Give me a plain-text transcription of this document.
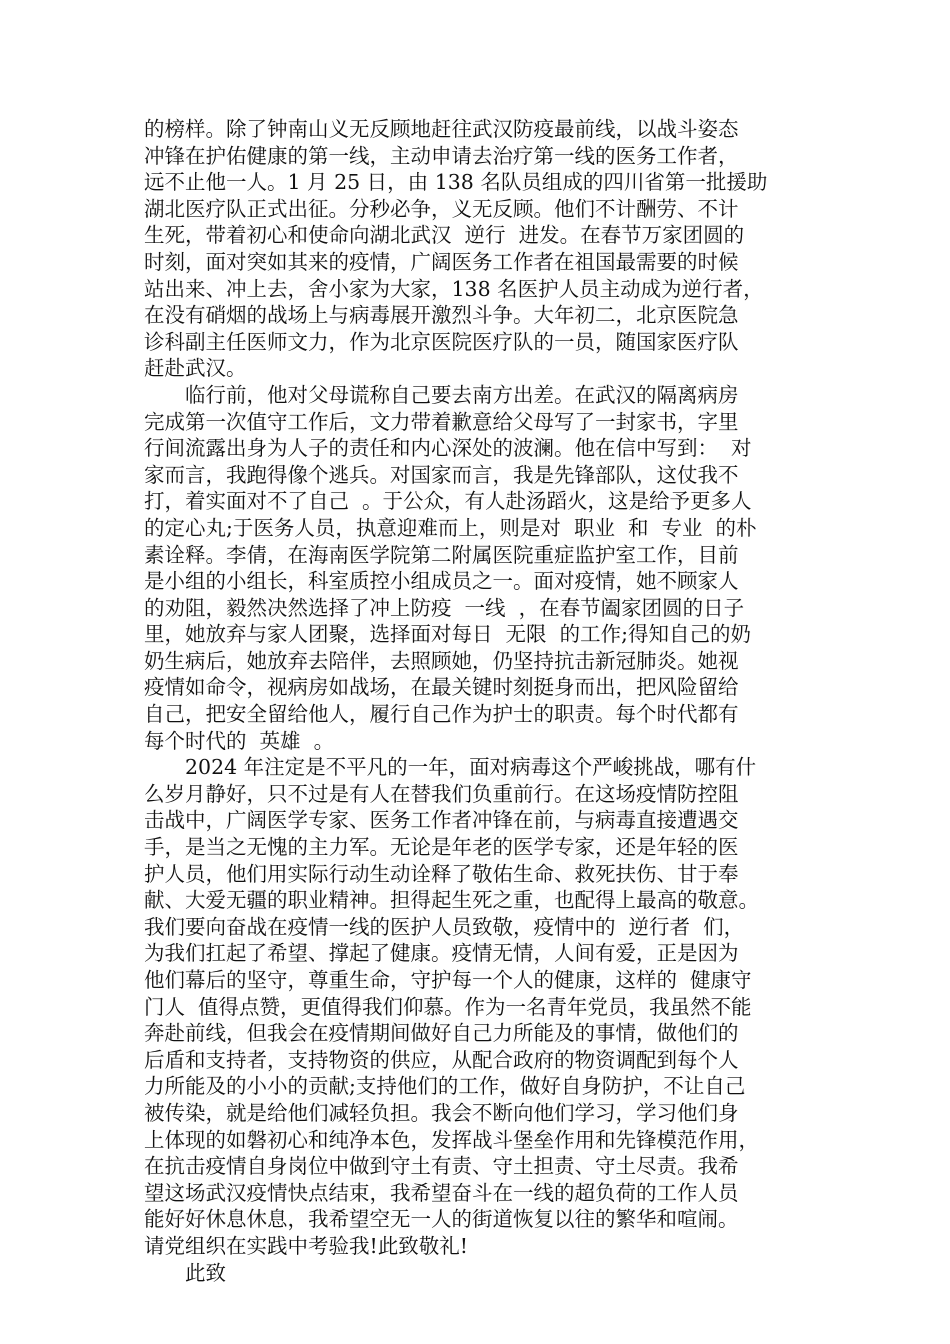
的榜样。除了钟南山义无反顾地赶往武汉防疫最前线，以战斗姿态
冲锋在护佑健康的第一线，主动申请去治疗第一线的医务工作者，
远不止他一人。1 月 25 日，由 138 名队员组成的四川省第一批援助
湖北医疗队正式出征。分秒必争，义无反顾。他们不计酬劳、不计
生死，带着初心和使命向湖北武汉  逆行  进发。在春节万家团圆的
时刻，面对突如其来的疫情，广阔医务工作者在祖国最需要的时候
站出来、冲上去，舍小家为大家，138 名医护人员主动成为逆行者，
在没有硝烟的战场上与病毒展开激烈斗争。大年初二，北京医院急
诊科副主任医师文力，作为北京医院医疗队的一员，随国家医疗队
赶赴武汉。
临行前，他对父母谎称自己要去南方出差。在武汉的隔离病房
完成第一次值守工作后，文力带着歉意给父母写了一封家书，字里
行间流露出身为人子的责任和内心深处的波澜。他在信中写到：  对
家而言，我跑得像个逃兵。对国家而言，我是先锋部队，这仗我不
打，着实面对不了自己  。于公众，有人赴汤蹈火，这是给予更多人
的定心丸;于医务人员，执意迎难而上，则是对  职业  和  专业  的朴
素诠释。李倩，在海南医学院第二附属医院重症监护室工作，目前
是小组的小组长，科室质控小组成员之一。面对疫情，她不顾家人
的劝阻，毅然决然选择了冲上防疫  一线  ，在春节阖家团圆的日子
里，她放弃与家人团聚，选择面对每日  无限  的工作;得知自己的奶
奶生病后，她放弃去陪伴，去照顾她，仍坚持抗击新冠肺炎。她视
疫情如命令，视病房如战场，在最关键时刻挺身而出，把风险留给
自己，把安全留给他人，履行自己作为护士的职责。每个时代都有
每个时代的  英雄  。
2024 年注定是不平凡的一年，面对病毒这个严峻挑战，哪有什
么岁月静好，只不过是有人在替我们负重前行。在这场疫情防控阻
击战中，广阔医学专家、医务工作者冲锋在前，与病毒直接遭遇交
手，是当之无愧的主力军。无论是年老的医学专家，还是年轻的医
护人员，他们用实际行动生动诠释了敬佑生命、救死扶伤、甘于奉
献、大爱无疆的职业精神。担得起生死之重，也配得上最高的敬意。
我们要向奋战在疫情一线的医护人员致敬，疫情中的  逆行者  们，
为我们扛起了希望、撑起了健康。疫情无情，人间有爱，正是因为
他们幕后的坚守，尊重生命，守护每一个人的健康，这样的  健康守
门人  值得点赞，更值得我们仰慕。作为一名青年党员，我虽然不能
奔赴前线，但我会在疫情期间做好自己力所能及的事情，做他们的
后盾和支持者，支持物资的供应，从配合政府的物资调配到每个人
力所能及的小小的贡献;支持他们的工作，做好自身防护，不让自己
被传染，就是给他们减轻负担。我会不断向他们学习，学习他们身
上体现的如磐初心和纯净本色，发挥战斗堡垒作用和先锋模范作用，
在抗击疫情自身岗位中做到守土有责、守土担责、守土尽责。我希
望这场武汉疫情快点结束，我希望奋斗在一线的超负荷的工作人员
能好好休息休息，我希望空无一人的街道恢复以往的繁华和喧闹。
请党组织在实践中考验我!此致敬礼!
此致
